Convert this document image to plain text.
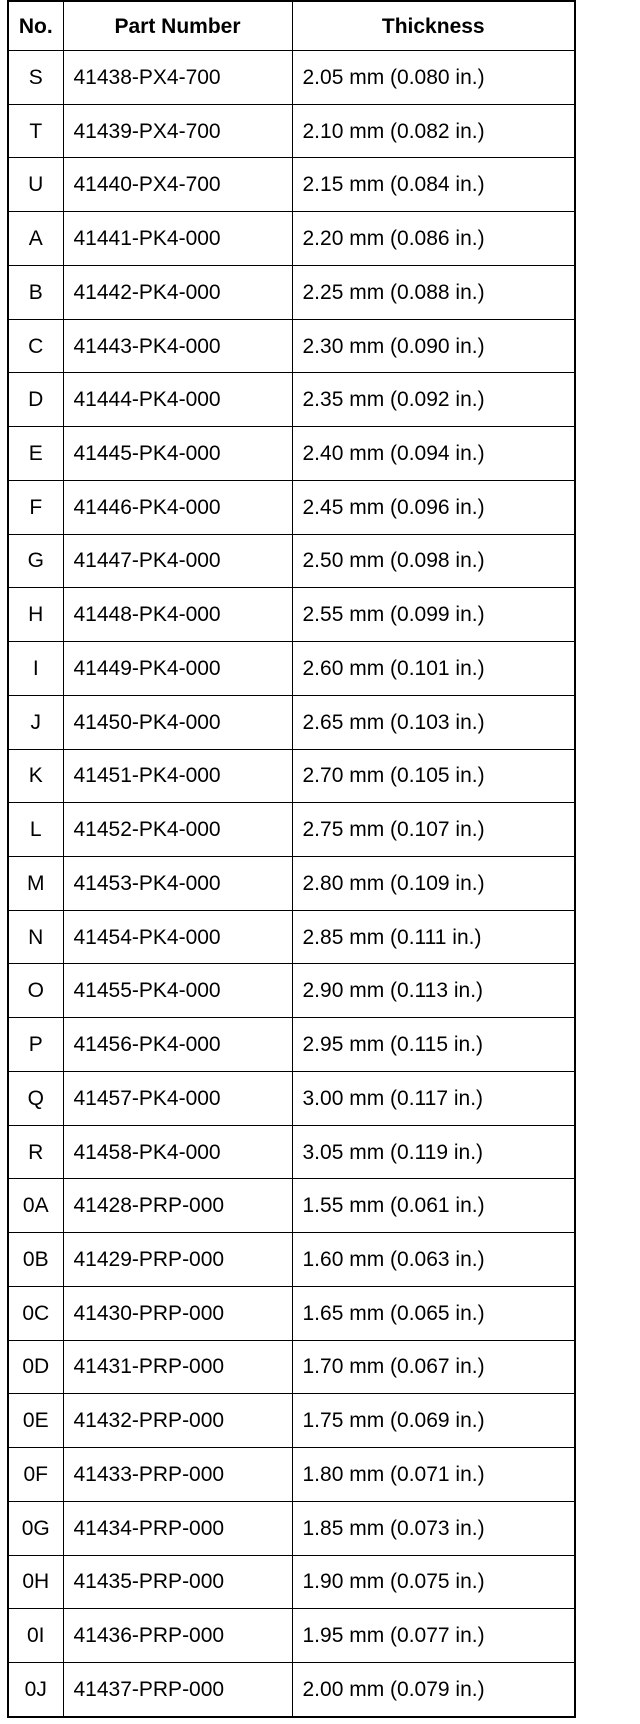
No.	Part Number	Thickness
S	41438-PX4-700	2.05 mm (0.080 in.)
T	41439-PX4-700	2.10 mm (0.082 in.)
U	41440-PX4-700	2.15 mm (0.084 in.)
A	41441-PK4-000	2.20 mm (0.086 in.)
B	41442-PK4-000	2.25 mm (0.088 in.)
C	41443-PK4-000	2.30 mm (0.090 in.)
D	41444-PK4-000	2.35 mm (0.092 in.)
E	41445-PK4-000	2.40 mm (0.094 in.)
F	41446-PK4-000	2.45 mm (0.096 in.)
G	41447-PK4-000	2.50 mm (0.098 in.)
H	41448-PK4-000	2.55 mm (0.099 in.)
I	41449-PK4-000	2.60 mm (0.101 in.)
J	41450-PK4-000	2.65 mm (0.103 in.)
K	41451-PK4-000	2.70 mm (0.105 in.)
L	41452-PK4-000	2.75 mm (0.107 in.)
M	41453-PK4-000	2.80 mm (0.109 in.)
N	41454-PK4-000	2.85 mm (0.111 in.)
O	41455-PK4-000	2.90 mm (0.113 in.)
P	41456-PK4-000	2.95 mm (0.115 in.)
Q	41457-PK4-000	3.00 mm (0.117 in.)
R	41458-PK4-000	3.05 mm (0.119 in.)
0A	41428-PRP-000	1.55 mm (0.061 in.)
0B	41429-PRP-000	1.60 mm (0.063 in.)
0C	41430-PRP-000	1.65 mm (0.065 in.)
0D	41431-PRP-000	1.70 mm (0.067 in.)
0E	41432-PRP-000	1.75 mm (0.069 in.)
0F	41433-PRP-000	1.80 mm (0.071 in.)
0G	41434-PRP-000	1.85 mm (0.073 in.)
0H	41435-PRP-000	1.90 mm (0.075 in.)
0I	41436-PRP-000	1.95 mm (0.077 in.)
0J	41437-PRP-000	2.00 mm (0.079 in.)
